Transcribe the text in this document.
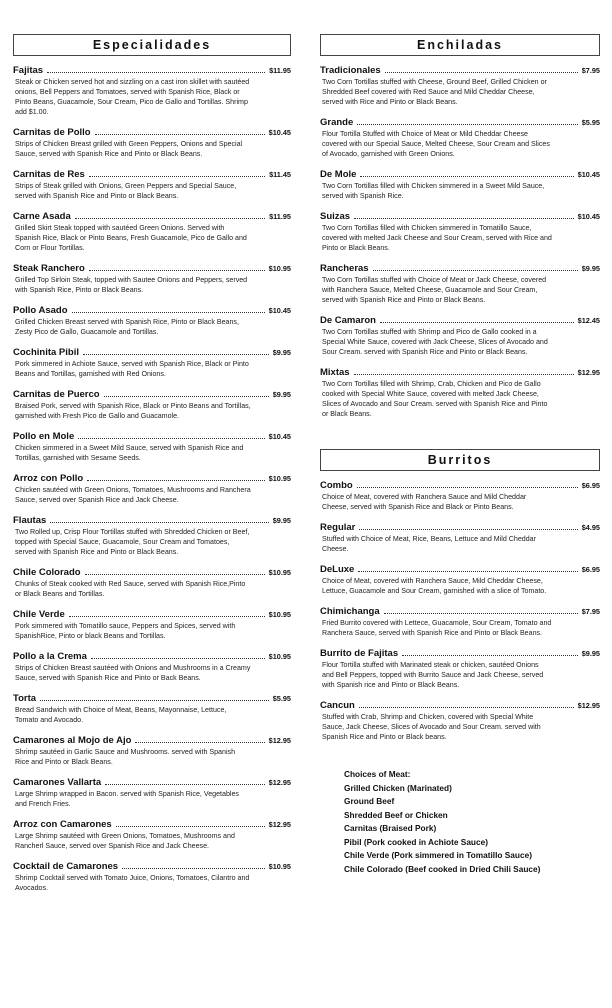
Especialidades
Fajitas	$11.95
Steak or Chicken served hot and sizzling on a cast iron skillet with sautéed onions, Bell Peppers and Tomatoes, served with Spanish Rice, Black or Pinto Beans, Guacamole, Sour Cream, Pico de Gallo and Tortillas. Shrimp add $1.00.
Carnitas de Pollo	$10.45
Strips of Chicken Breast grilled with Green Peppers, Onions and Special Sauce, served with Spanish Rice and Pinto or Black Beans.
Carnitas de Res	$11.45
Strips of Steak grilled with Onions, Green Peppers and Special Sauce, served with Spanish Rice and Pinto or Black Beans.
Carne Asada	$11.95
Grilled Skirt Steak topped with sautéed Green Onions. Served with Spanish Rice, Black or Pinto Beans, Fresh Guacamole, Pico de Gallo and Corn or Flour Tortillas.
Steak Ranchero	$10.95
Grilled Top Sirloin Steak, topped with Sautee Onions and Peppers, served with Spanish Rice, Pinto or Black Beans.
Pollo Asado	$10.45
Grilled Chicken Breast served with Spanish Rice, Pinto or Black Beans, Zesty Pico de Gallo, Guacamole and Tortillas.
Cochinita Pibil	$9.95
Pork simmered in Achiote Sauce, served with Spanish Rice, Black or Pinto Beans and Tortillas, garnished with Red Onions.
Carnitas de Puerco	$9.95
Braised Pork, served with Spanish Rice, Black or Pinto Beans and Tortillas, garnished with Fresh Pico de Gallo and Guacamole.
Pollo en Mole	$10.45
Chicken simmered in a Sweet Mild Sauce, served with Spanish Rice and Tortillas, garnished with Sesame Seeds.
Arroz con Pollo	$10.95
Chicken sautéed with Green Onions, Tomatoes, Mushrooms and Ranchera Sauce, served over Spanish Rice and Jack Cheese.
Flautas	$9.95
Two Rolled up, Crisp Flour Tortillas stuffed with Shredded Chicken or Beef, topped with Special Sauce, Guacamole, Sour Cream and Tomatoes, served with Spanish Rice and Pinto or Black Beans.
Chile Colorado	$10.95
Chunks of Steak cooked with Red Sauce, served with Spanish Rice,Pinto or Black Beans and Tortillas.
Chile Verde	$10.95
Pork simmered with Tomatillo sauce, Peppers and Spices, served with SpanishRice, Pinto or black Beans and Tortillas.
Pollo a la Crema	$10.95
Strips of Chicken Breast sautéed with Onions and Mushrooms in a Creamy Sauce, served with Spanish Rice and Pinto or Back Beans.
Torta	$5.95
Bread Sandwich with Choice of Meat, Beans, Mayonnaise, Lettuce, Tomato and Avocado.
Camarones al Mojo de Ajo	$12.95
Shrimp sautéed in Garlic Sauce and Mushrooms. served with Spanish Rice and Pinto or Black Beans.
Camarones Vallarta	$12.95
Large Shrimp wrapped in Bacon. served with Spanish Rice, Vegetables and French Fries.
Arroz con Camarones	$12.95
Large Shrimp sautéed with Green Onions, Tomatoes, Mushrooms and Rancherl Sauce, served over Spanish Rice and Jack Cheese.
Cocktail de Camarones	$10.95
Shrimp Cocktail served with Tomato Juice, Onions, Tomatoes, Cilantro and Avocados.
Enchiladas
Tradicionales	$7.95
Two Corn Tortillas stuffed with Cheese, Ground Beef, Grilled Chicken or Shredded Beef covered with Red Sauce and Mild Cheddar Cheese, served with Rice and Pinto or Black Beans.
Grande	$5.95
Flour Tortilla Stuffed with Choice of Meat or Mild Cheddar Cheese covered with our Special Sauce, Melted Cheese, Sour Cream and Slices of Avocado, garnished with Green Onions.
De Mole	$10.45
Two Corn Tortillas filled with Chicken simmered in a Sweet Mild Sauce, served with Spanish Rice.
Suizas	$10.45
Two Corn Tortillas filled with Chicken simmered in Tomatillo Sauce, covered with melted Jack Cheese and Sour Cream, served with Rice and Pinto or Black Beans.
Rancheras	$9.95
Two Corn Tortillas stuffed with Choice of Meat or Jack Cheese, covered with Ranchera Sauce, Melted Cheese, Guacamole and Sour Cream, served with Spanish Rice and Pinto or Black Beans.
De Camaron	$12.45
Two Corn Tortillas stuffed with Shrimp and Pico de Gallo cooked in a Special White Sauce, covered with Jack Cheese, Slices of Avocado and Sour Cream. served with Spanish Rice and Pinto or Black Beans.
Mixtas	$12.95
Two Corn Tortillas filled with Shrimp, Crab, Chicken and Pico de Gallo cooked with Special White Sauce, covered with melted Jack Cheese, Slices of Avocado and Sour Cream. served with Spanish Rice and Pinto or Black Beans.
Burritos
Combo	$6.95
Choice of Meat, covered with Ranchera Sauce and Mild Cheddar Cheese, served with Spanish Rice and Black or Pinto Beans.
Regular	$4.95
Stuffed with Choice of Meat, Rice, Beans, Lettuce and Mild Cheddar Cheese.
DeLuxe	$6.95
Choice of Meat, covered with Ranchera Sauce, Mild Cheddar Cheese, Lettuce, Guacamole and Sour Cream, garnished with a slice of Tomato.
Chimichanga	$7.95
Fried Burrito covered with Lettece, Guacamole, Sour Cream, Tomato and Ranchera Sauce, served with Spanish Rice and Pinto or Black Beans.
Burrito de Fajitas	$9.95
Flour Tortilla stuffed with Marinated steak or chicken, sautéed Onions and Bell Peppers, topped with Burrito Sauce and Jack Cheese, served with Spanish rice and Pinto or Black Beans.
Cancun	$12.95
Stuffed with Crab, Shrimp and Chicken, covered with Special White Sauce, Jack Cheese, Slices of Avocado and Sour Cream. served with Spanish Rice and Pinto or Black beans.
Choices of Meat:
Grilled Chicken (Marinated)
Ground Beef
Shredded Beef or Chicken
Carnitas (Braised Pork)
Pibil (Pork cooked in Achiote Sauce)
Chile Verde (Pork simmered in Tomatillo Sauce)
Chile Colorado (Beef cooked in Dried Chili Sauce)
